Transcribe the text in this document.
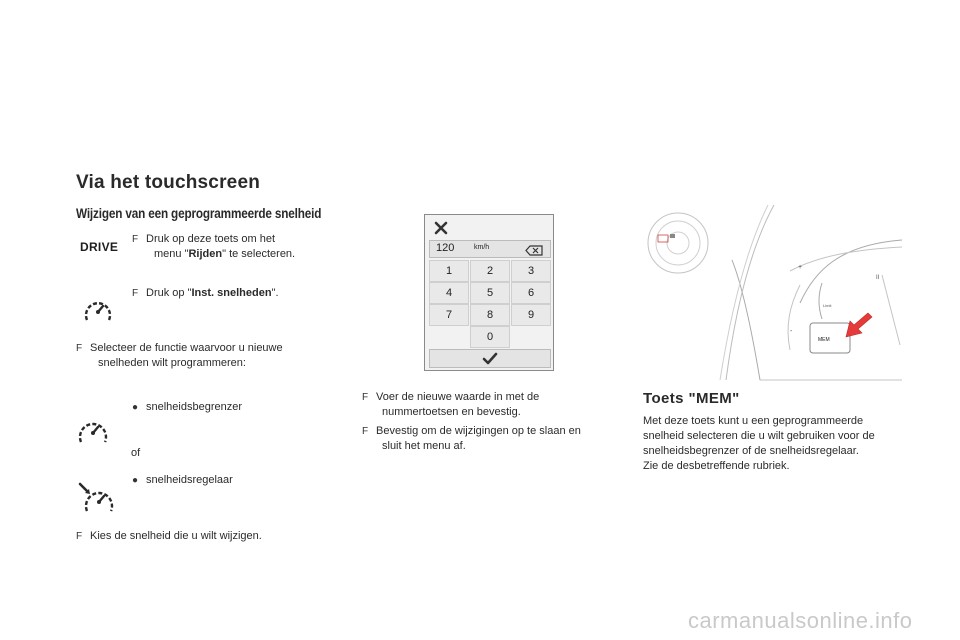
Via het touchscreen
Wijzigen van een geprogrammeerde snelheid
DRIVE
F Druk op deze toets om het
menu "Rijden" te selecteren.
F Druk op "Inst. snelheden".
F Selecteer de functie waarvoor u nieuwe
snelheden wilt programmeren:
● snelheidsbegrenzer
of
● snelheidsregelaar
F Kies de snelheid die u wilt wijzigen.
120	km/h
1	2	3
4	5	6
7	8	9
0
F Voer de nieuwe waarde in met de
nummertoetsen en bevestig.
F Bevestig om de wijzigingen op te slaan en
sluit het menu af.
+
II
-
Limit
MEM
Toets "MEM"
Met deze toets kunt u een geprogrammeerde
snelheid selecteren die u wilt gebruiken voor de
snelheidsbegrenzer of de snelheidsregelaar.
Zie de desbetreffende rubriek.
carmanualsonline.info
